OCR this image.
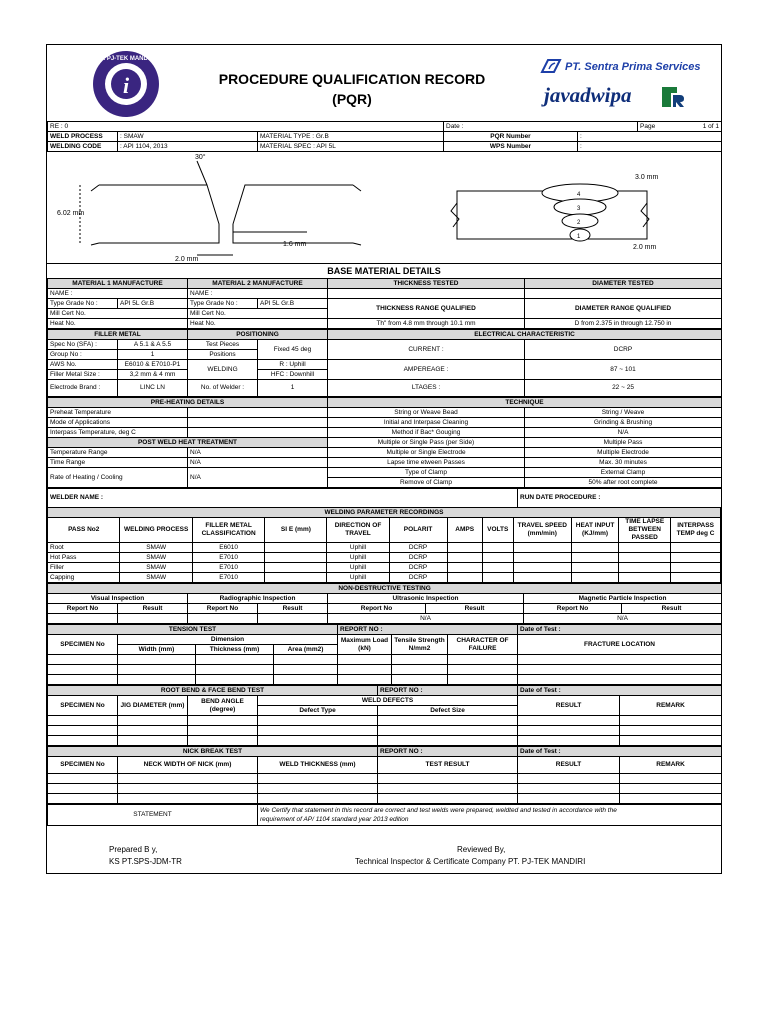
i
PT. PJ-TEK MANDIRI
PROCEDURE QUALIFICATION RECORD
(PQR)
PT. Sentra Prima Services
javadwipa
RE : 0			Date :		Page 1 of 1

WELD PROCESS	: SMAW	MATERIAL TYPE : Gr.B	PQR Number	:	
WELDING CODE	: API 1104, 2013	MATERIAL SPEC : API 5L	WPS Number	:	
6.02 mm
30°
2.0 mm
1.6 mm
3.0 mm
2.0 mm
4
3
2
1
BASE MATERIAL DETAILS
MATERIAL 1 MANUFACTURE		MATERIAL 2 MANUFACTURE		THICKNESS TESTED	DIAMETER TESTED
NAME :		NAME :			
Type Grade No :	API 5L Gr.B	Type Grade No :	API 5L Gr.B	THICKNESS RANGE QUALIFIED	DIAMETER RANGE QUALIFIED
Mill Cert No.		Mill Cert No.			
Heat No.		Heat No.		Th" from 4.8 mm through 10.1 mm	D from 2.375 in through 12.750 in
FILLER METAL		POSITIONING		ELECTRICAL CHARACTERISTIC	
Spec No (SFA) :	A 5.1 & A 5.5	Test Pieces	Fixed 45 deg	CURRENT :	DCRP
Group No :	1	Positions			
AWS No.	E6010 & E7010-P1	WELDING	R : Uphill	AMPEREAGE :	87 ~ 101
Filler Metal Size :	3,2 mm & 4 mm		HFC : Downhill		
Electrode Brand :	LINC LN	No. of Welder :	1	LTAGES :	22 ~ 25
PRE-HEATING DETAILS		TECHNIQUE	
Preheat Temperature		String or Weave Bead	String / Weave
Mode of Applications		Initial and Interpase Cleaning	Grinding & Brushing
Interpass Temperature, deg C		Method if Bac* Gouging	N/A
POST WELD HEAT TREATMENT		Multiple or Single Pass (per Side)	Multiple Pass
Temperature Range	N/A	Multiple or Single Electrode	Multiple Electrode
Time Range	N/A	Lapse time etween Passes	Max. 30 minutes
Rate of Heating / Cooling	N/A	Type of Clamp	External Clamp
		Remove of Clamp	50% after root complete
WELDER NAME :	RUN DATE PROCEDURE :
WELDING PARAMETER RECORDINGS											
PASS No2	WELDING PROCESS	FILLER METAL CLASSIFICATION	SI E (mm)	DIRECTION OF TRAVEL	POLARIT	AMPS	VOLTS	TRAVEL SPEED (mm/min)	HEAT INPUT (KJ/mm)	TIME LAPSE BETWEEN PASSED	INTERPASS TEMP deg C
Root	SMAW	E6010		Uphill	DCRP						
Hot Pass	SMAW	E7010		Uphill	DCRP						
Filler	SMAW	E7010		Uphill	DCRP						
Capping	SMAW	E7010		Uphill	DCRP						
NON-DESTRUCTIVE TESTING							
Visual Inspection		Radiographic Inspection		Ultrasonic Inspection		Magnetic Particle Inspection	
Report No	Result	Report No	Result	Report No	Result	Report No	Result
				N/A		N/A	
TENSION TEST				REPORT NO :			Date of Test :
SPECIMEN No	Dimension			Maximum Load (kN)	Tensile Strength N/mm2	CHARACTER OF FAILURE	FRACTURE LOCATION
	Width (mm)	Thickness (mm)	Area (mm2)				

ROOT BEND & FACE BEND TEST				REPORT NO :	Date of Test :	
SPECIMEN No	JIG DIAMETER (mm)	BEND ANGLE (degree)	WELD DEFECTS		RESULT	REMARK
			Defect Type	Defect Size		

NICK BREAK TEST			REPORT NO :	Date of Test :	
SPECIMEN No	NECK WIDTH OF NICK (mm)	WELD THICKNESS (mm)	TEST RESULT	RESULT	REMARK

STATEMENT	
We Certify that statement in this record are correct and test welds were prepared, weldted and tested in accordance with the
requirement of AP/ 1104 standard year 2013 edition
Prepared B y,
KS PT.SPS-JDM-TR
Reviewed By,
Technical Inspector & Certificate Company PT. PJ-TEK MANDIRI
